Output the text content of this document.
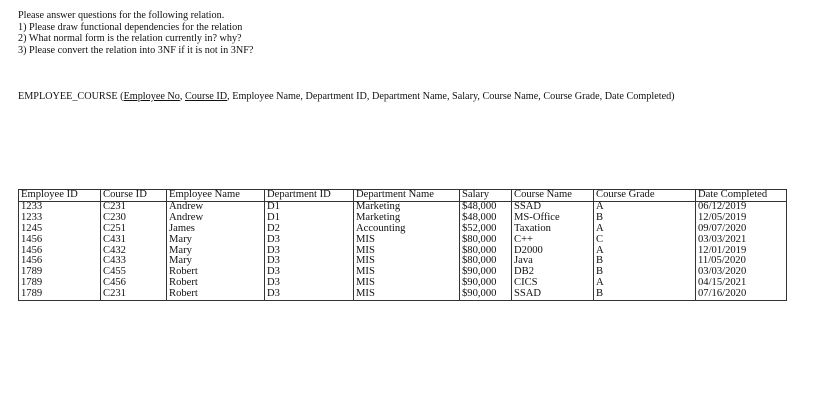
Please answer questions for the following relation.
1) Please draw functional dependencies for the relation
2) What normal form is the relation currently in? why?
3) Please convert the relation into 3NF if it is not in 3NF?
EMPLOYEE_COURSE (Employee No, Course ID, Employee Name, Department ID, Department Name, Salary, Course Name, Course Grade, Date Completed)
Employee ID	Course ID	Employee Name	Department ID	Department Name	Salary	Course Name	Course Grade		Date Completed
1233	C231	Andrew	D1	Marketing	$48,000	SSAD	A		06/12/2019
1233	C230	Andrew	D1	Marketing	$48,000	MS-Office	B		12/05/2019
1245	C251	James	D2	Accounting	$52,000	Taxation	A		09/07/2020
1456	C431	Mary	D3	MIS	$80,000	C++	C		03/03/2021
1456	C432	Mary	D3	MIS	$80,000	D2000	A		12/01/2019
1456	C433	Mary	D3	MIS	$80,000	Java	B		11/05/2020
1789	C455	Robert	D3	MIS	$90,000	DB2	B		03/03/2020
1789	C456	Robert	D3	MIS	$90,000	CICS	A		04/15/2021
1789	C231	Robert	D3	MIS	$90,000	SSAD	B		07/16/2020
